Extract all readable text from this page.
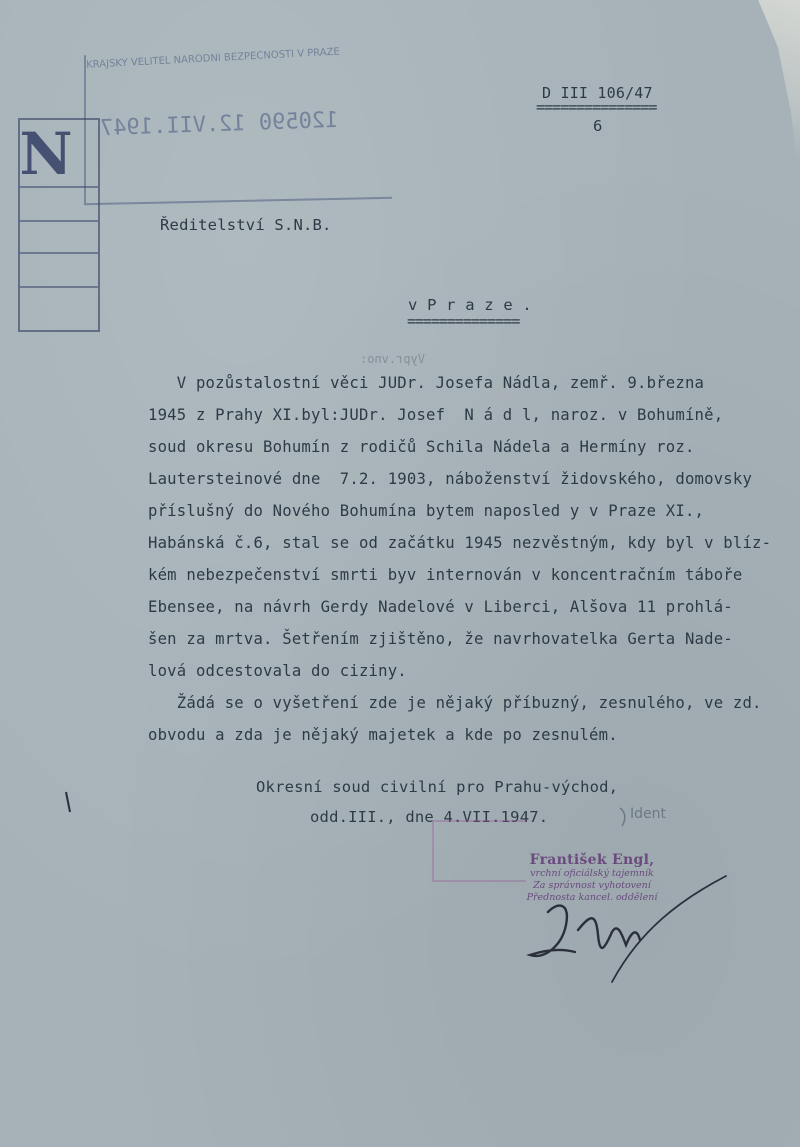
KRAJSKÝ VELITEL NÁRODNÍ BEZPEČNOSTI V PRAZE
120590 12.VII.1947
N
D III 106/47
===============
6
Ředitelství S.N.B.
v P r a z e .
==============
Vypr.vno:
V pozůstalostní věci JUDr. Josefa Nádla, zemř. 9.března
1945 z Prahy XI.byl:JUDr. Josef  N á d l, naroz. v Bohumíně,
soud okresu Bohumín z rodičů Schila Nádela a Hermíny roz.
Lautersteinové dne  7.2. 1903, náboženství židovského, domovsky
příslušný do Nového Bohumína bytem naposled y v Praze XI.,
Habánská č.6, stal se od začátku 1945 nezvěstným, kdy byl v blíz-
kém nebezpečenství smrti byv internován v koncentračním táboře
Ebensee, na návrh Gerdy Nadelové v Liberci, Alšova 11 prohlá-
šen za mrtva. Šetřením zjištěno, že navrhovatelka Gerta Nade-
lová odcestovala do ciziny.
Žádá se o vyšetření zde je nějaký příbuzný, zesnulého, ve zd.
obvodu a zda je nějaký majetek a kde po zesnulém.
Okresní soud civilní pro Prahu-východ,
odd.III., dne 4.VII.1947.	Ident
František Engl,
vrchní oficiálský tajemník
Za správnost vyhotovení
Přednosta kancel. oddělení
